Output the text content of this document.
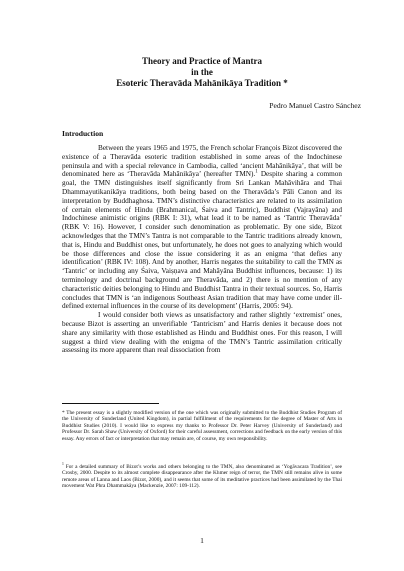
Theory and Practice of Mantra

in the

Esoteric Theravāda Mahānikāya Tradition *

Pedro Manuel Castro Sánchez

Introduction

Between the years 1965 and 1975, the French scholar François Bizot discovered the existence of a Theravāda esoteric tradition established in some areas of the Indochinese peninsula and with a special relevance in Cambodia, called ‘ancient Mahānikāya’, that will be denominated here as ‘Theravāda Mahānikāya’ (hereafter TMN).$^1$ Despite sharing a common goal, the TMN distinguishes itself significantly from Sri Lankan Mahāvihāra and Thai Dhammayutikanikāya traditions, both being based on the Theravāda’s Pāli Canon and its interpretation by Buddhaghosa. TMN’s distinctive characteristics are related to its assimilation of certain elements of Hindu (Brahmanical, Śaiva and Tantric), Buddhist (Vajrayāna) and Indochinese animistic origins (RBK I: 31), what lead it to be named as ‘Tantric Theravāda’ (RBK V: 16). However, I consider such denomination as problematic. By one side, Bizot acknowledges that the TMN’s Tantra is not comparable to the Tantric traditions already known, that is, Hindu and Buddhist ones, but unfortunately, he does not goes to analyzing which would be those differences and close the issue considering it as an enigma ‘that defies any identification’ (RBK IV: 108). And by another, Harris negates the suitability to call the TMN as ‘Tantric’ or including any Śaiva, Vaiṣṇava and Mahāyāna Buddhist influences, because: 1) its terminology and doctrinal background are Theravāda, and 2) there is no mention of any characteristic deities belonging to Hindu and Buddhist Tantra in their textual sources. So, Harris concludes that TMN is ‘an indigenous Southeast Asian tradition that may have come under ill-defined external influences in the course of its development’ (Harris, 2005: 94).

I would consider both views as unsatisfactory and rather slightly ‘extremist’ ones, because Bizot is asserting an unverifiable ‘Tantricism’ and Harris denies it because does not share any similarity with those established as Hindu and Buddhist ones. For this reason, I will suggest a third view dealing with the enigma of the TMN’s Tantric assimilation critically assessing its more apparent than real dissociation from

* The present essay is a slightly modified version of the one which was originally submitted to the Buddhist Studies Program of the University of Sunderland (United Kingdom), in partial fulfillment of the requirements for the degree of Master of Arts in Buddhist Studies (2010). I would like to express my thanks to Professor Dr. Peter Harvey (University of Sunderland) and Professor Dr. Sarah Shaw (University of Oxford) for their careful assessment, corrections and feedback on the early version of this essay. Any errors of fact or interpretation that may remain are, of course, my own responsibility.

$^1$ For a detailed summary of Bizot’s works and others belonging to the TMN, also denominated as ‘Yogāvacara Tradition’, see Crosby, 2000. Despite to its almost complete disappearance after the Khmer reign of terror, the TMN still remains alive in some remote areas of Lanna and Laos (Bizot, 2000), and it seems that some of its meditative practices had been assimilated by the Thai movement Wat Phra Dhammakāya (Mackenzie, 2007: 109-112).

1
